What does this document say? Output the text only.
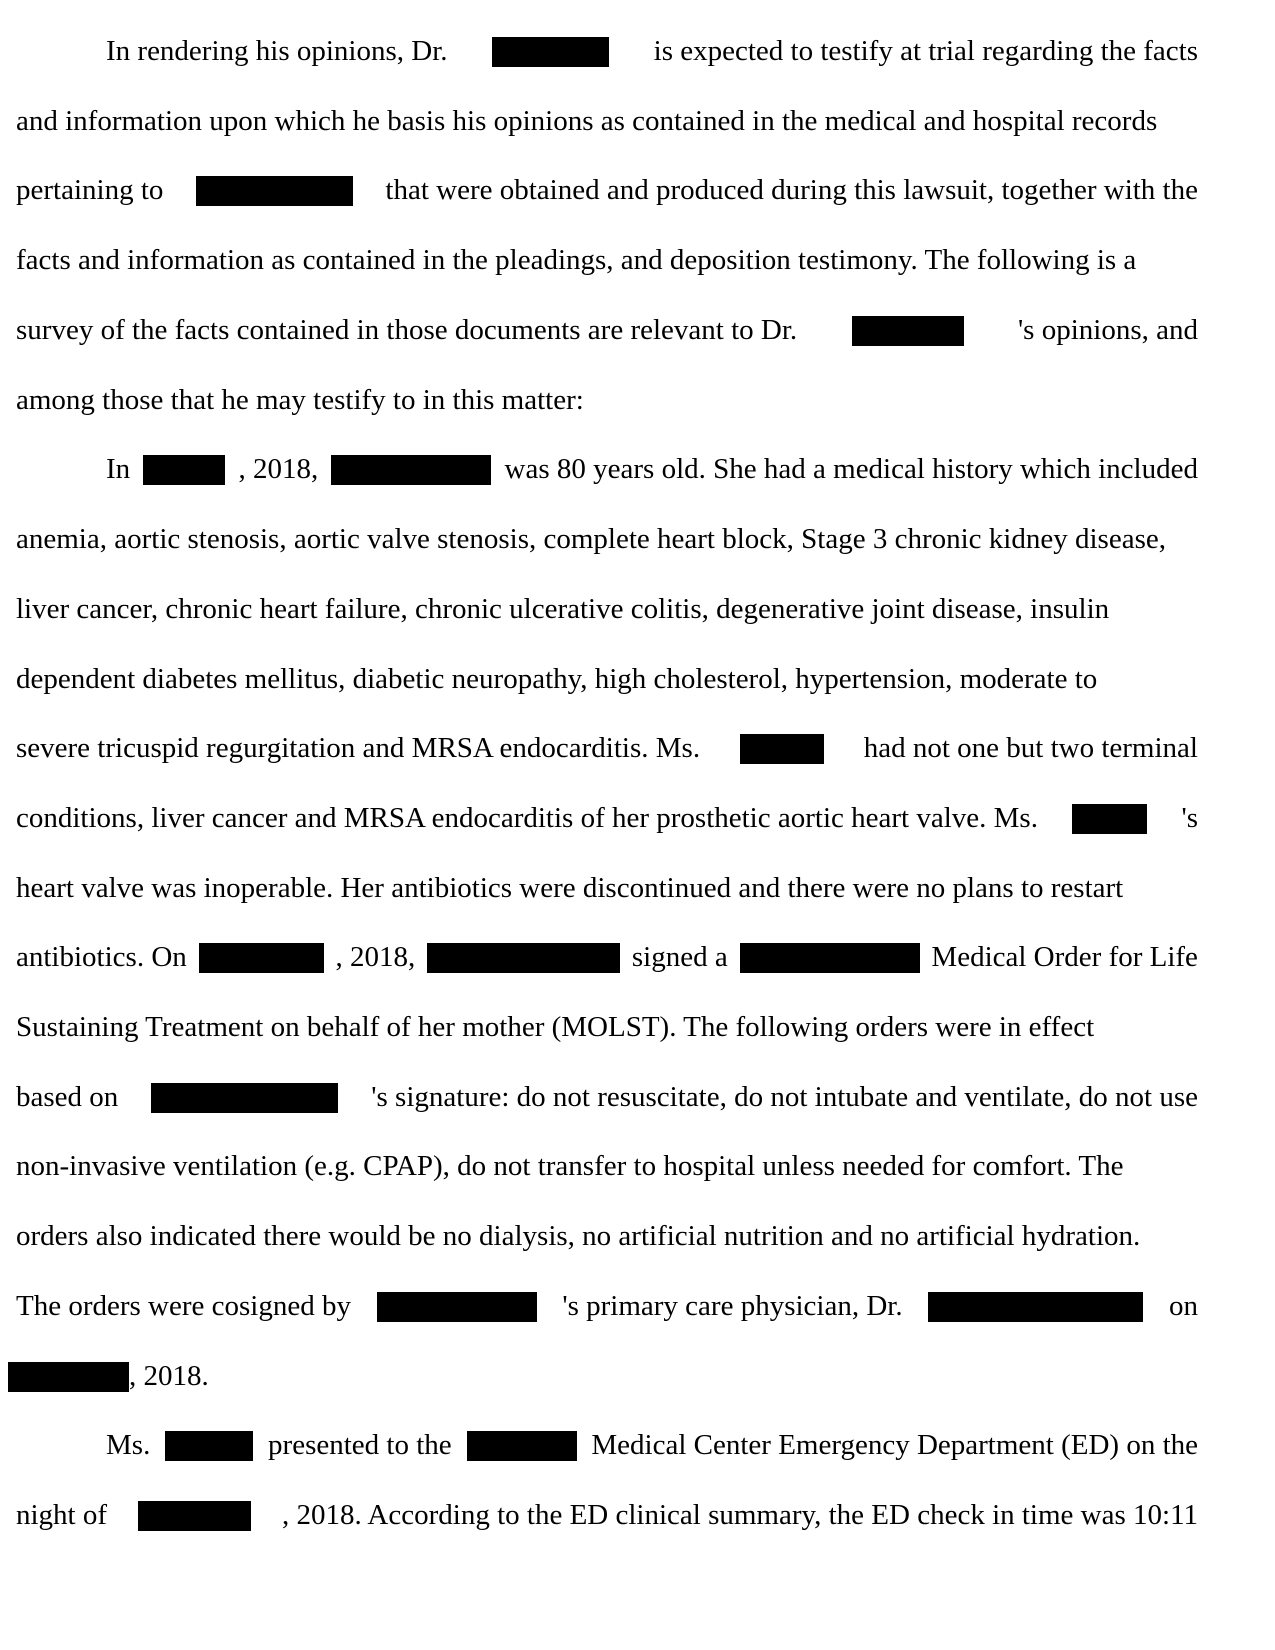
In rendering his opinions, Dr.	is expected to testify at trial regarding the facts
and information upon which he basis his opinions as contained in the medical and hospital records
pertaining to	that were obtained and produced during this lawsuit, together with the
facts and information as contained in the pleadings, and deposition testimony. The following is a
survey of the facts contained in those documents are relevant to Dr.	's opinions, and
among those that he may testify to in this matter:
In	, 2018,	was 80 years old. She had a medical history which included
anemia, aortic stenosis, aortic valve stenosis, complete heart block, Stage 3 chronic kidney disease,
liver cancer, chronic heart failure, chronic ulcerative colitis, degenerative joint disease, insulin
dependent diabetes mellitus, diabetic neuropathy, high cholesterol, hypertension, moderate to
severe tricuspid regurgitation and MRSA endocarditis. Ms.	had not one but two terminal
conditions, liver cancer and MRSA endocarditis of her prosthetic aortic heart valve. Ms.	's
heart valve was inoperable. Her antibiotics were discontinued and there were no plans to restart
antibiotics. On	, 2018,	signed a	Medical Order for Life
Sustaining Treatment on behalf of her mother (MOLST). The following orders were in effect
based on	's signature: do not resuscitate, do not intubate and ventilate, do not use
non-invasive ventilation (e.g. CPAP), do not transfer to hospital unless needed for comfort. The
orders also indicated there would be no dialysis, no artificial nutrition and no artificial hydration.
The orders were cosigned by	's primary care physician, Dr.	on
, 2018.
Ms.	presented to the	Medical Center Emergency Department (ED) on the
night of	, 2018. According to the ED clinical summary, the ED check in time was 10:11
